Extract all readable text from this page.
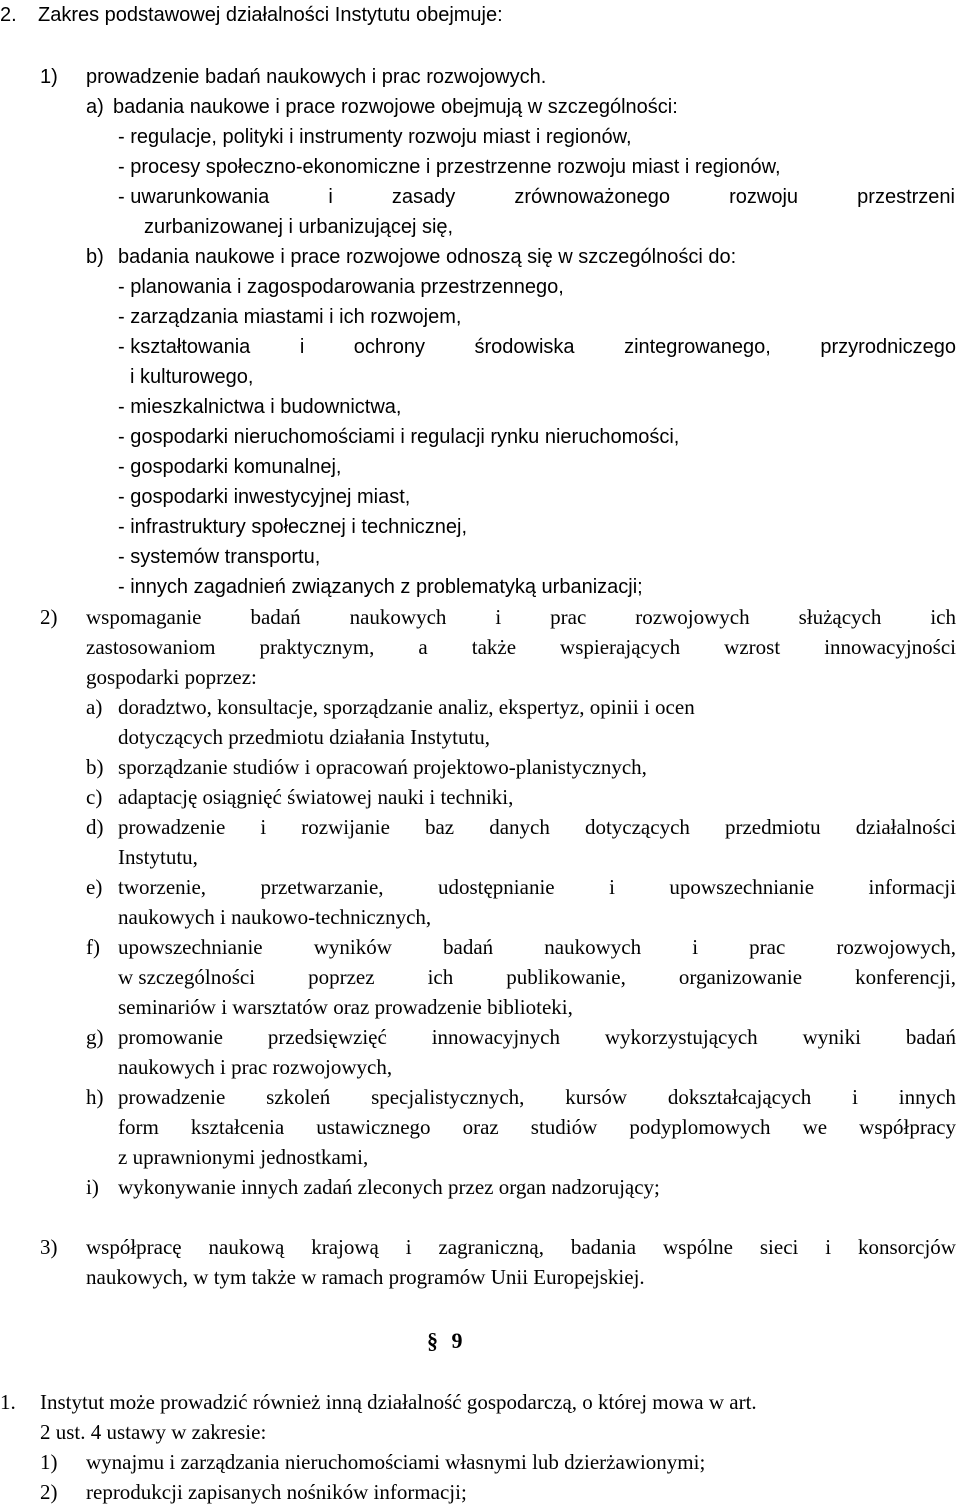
2. Zakres podstawowej działalności Instytutu obejmuje:
1) prowadzenie badań naukowych i prac rozwojowych.
a) badania naukowe i prace rozwojowe obejmują w szczególności:
- regulacje, polityki i instrumenty rozwoju miast i regionów,
- procesy społeczno-ekonomiczne i przestrzenne rozwoju miast i regionów,
- uwarunkowania	i	zasady	zrównoważonego	rozwoju	przestrzeni
zurbanizowanej i urbanizującej się,
b) badania naukowe i prace rozwojowe odnoszą się w szczególności do:
- planowania i zagospodarowania przestrzennego,
- zarządzania miastami i ich rozwojem,
- kształtowania i ochrony środowiska zintegrowanego, przyrodniczego
i kulturowego,
- mieszkalnictwa i budownictwa,
- gospodarki nieruchomościami i regulacji rynku nieruchomości,
- gospodarki komunalnej,
- gospodarki inwestycyjnej miast,
- infrastruktury społecznej i technicznej,
- systemów transportu,
- innych zagadnień związanych z problematyką urbanizacji;
2) wspomaganie badań naukowych i prac rozwojowych służących ich
zastosowaniom praktycznym, a także wspierających wzrost innowacyjności
gospodarki poprzez:
a) doradztwo, konsultacje, sporządzanie analiz, ekspertyz, opinii i ocen
dotyczących przedmiotu działania Instytutu,
b) sporządzanie studiów i opracowań projektowo-planistycznych,
c) adaptację osiągnięć światowej nauki i techniki,
d) prowadzenie i rozwijanie baz danych dotyczących przedmiotu działalności
Instytutu,
e) tworzenie,	przetwarzanie,	udostępnianie	i	upowszechnianie	informacji
naukowych i naukowo-technicznych,
f) upowszechnianie wyników badań naukowych i prac rozwojowych,
w szczególności	poprzez	ich	publikowanie,	organizowanie	konferencji,
seminariów i warsztatów oraz prowadzenie biblioteki,
g) promowanie przedsięwzięć innowacyjnych wykorzystujących wyniki badań
naukowych i prac rozwojowych,
h) prowadzenie szkoleń specjalistycznych, kursów dokształcających i innych
form kształcenia ustawicznego oraz studiów podyplomowych we współpracy
z uprawnionymi jednostkami,
i) wykonywanie innych zadań zleconych przez organ nadzorujący;
3) współpracę naukową krajową i zagraniczną, badania wspólne sieci i konsorcjów
naukowych, w tym także w ramach programów Unii Europejskiej.
§ 9
1. Instytut może prowadzić również inną działalność gospodarczą, o której mowa w art.
2 ust. 4 ustawy w zakresie:
1) wynajmu i zarządzania nieruchomościami własnymi lub dzierżawionymi;
2) reprodukcji zapisanych nośników informacji;
